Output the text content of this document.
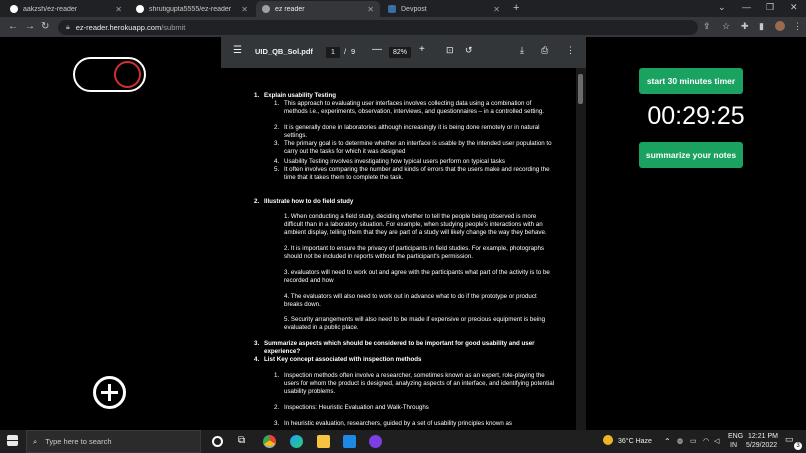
aakzsh/ez-reader	✕	shrutigupta5555/ez-reader	✕	ez reader	✕	Devpost	✕ +	⌄ — ❐ ✕
← → ↻ 🔒︎ ez-reader.herokuapp.com /submit	⇪ ☆ ✚ ▮	⋮
start 30 minutes timer
00:29:25
summarize your notes
☰ UID_QB_Sol.pdf	1	/ 9 —	82%	+ ⊡ ↺	⤓ ⎙ ⋮
1. Explain usability Testing
1. This approach to evaluating user interfaces involves collecting data using a combination of methods i.e., experiments, observation, interviews, and questionnaires – in a controlled setting.
2. It is generally done in laboratories although increasingly it is being done remotely or in natural settings.
3. The primary goal is to determine whether an interface is usable by the intended user population to carry out the tasks for which it was designed
4. Usability Testing involves investigating how typical users perform on typical tasks
5. It often involves comparing the number and kinds of errors that the users make and recording the time that it takes them to complete the task.
2. Illustrate how to do field study
1. When conducting a field study, deciding whether to tell the people being observed is more difficult than in a laboratory situation. For example, when studying people's interactions with an ambient display, telling them that they are part of a study will likely change the way they behave.
2. It is important to ensure the privacy of participants in field studies. For example, photographs should not be included in reports without the participant's permission.
3. evaluators will need to work out and agree with the participants what part of the activity is to be recorded and how
4. The evaluators will also need to work out in advance what to do if the prototype or product breaks down.
5. Security arrangements will also need to be made if expensive or precious equipment is being evaluated in a public place.
3. Summarize aspects which should be considered to be important for good usability and user
experience?
4. List Key concept associated with inspection methods
1. Inspection methods often involve a researcher, sometimes known as an expert, role-playing the users for whom the product is designed, analyzing aspects of an interface, and identifying potential usability problems.
2. Inspections: Heuristic Evaluation and Walk-Throughs
3. In heuristic evaluation, researchers, guided by a set of usability principles known as
⌕ Type here to search	⧉	36°C Haze ⌃ ◍ ▭ ◠ ◁
ENG
IN
12:21 PM
5/29/2022
▭
3
